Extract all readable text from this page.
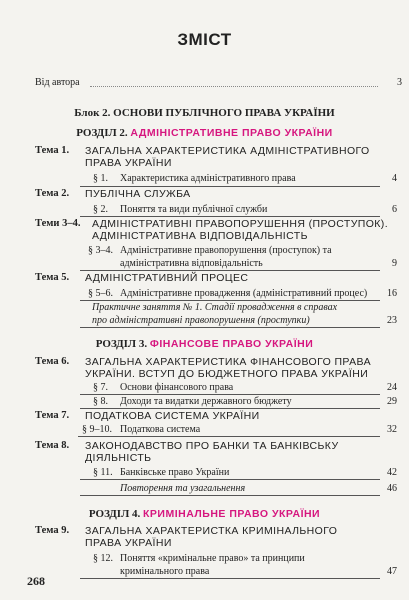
ЗМІСТ
Від автора	3
Блок 2. ОСНОВИ ПУБЛІЧНОГО ПРАВА УКРАЇНИ
РОЗДІЛ 2. АДМІНІСТРАТИВНЕ ПРАВО УКРАЇНИ
Тема 1. ЗАГАЛЬНА ХАРАКТЕРИСТИКА АДМІНІСТРАТИВНОГО
ПРАВА УКРАЇНИ
§ 1. Характеристика адміністративного права	4
Тема 2. ПУБЛІЧНА СЛУЖБА
§ 2. Поняття та види публічної служби	6
Теми 3–4. АДМІНІСТРАТИВНІ ПРАВОПОРУШЕННЯ (ПРОСТУПОК).
АДМІНІСТРАТИВНА ВІДПОВІДАЛЬНІСТЬ
§ 3–4. Адміністративне правопорушення (проступок) та
адміністративна відповідальність	9
Тема 5. АДМІНІСТРАТИВНИЙ ПРОЦЕС
§ 5–6. Адміністративне провадження (адміністративний процес)	16
Практичне заняття № 1. Стадії провадження в справах
про адміністративні правопорушення (проступки)	23
РОЗДІЛ 3. ФІНАНСОВЕ ПРАВО УКРАЇНИ
Тема 6. ЗАГАЛЬНА ХАРАКТЕРИСТИКА ФІНАНСОВОГО ПРАВА
УКРАЇНИ. ВСТУП ДО БЮДЖЕТНОГО ПРАВА УКРАЇНИ
§ 7. Основи фінансового права	24
§ 8. Доходи та видатки державного бюджету	29
Тема 7. ПОДАТКОВА СИСТЕМА УКРАЇНИ
§ 9–10. Податкова система	32
Тема 8. ЗАКОНОДАВСТВО ПРО БАНКИ ТА БАНКІВСЬКУ
ДІЯЛЬНІСТЬ
§ 11. Банківське право України	42
Повторення та узагальнення	46
РОЗДІЛ 4. КРИМІНАЛЬНЕ ПРАВО УКРАЇНИ
Тема 9. ЗАГАЛЬНА ХАРАКТЕРИСТКА КРИМІНАЛЬНОГО
ПРАВА УКРАЇНИ
§ 12. Поняття «кримінальне право» та принципи
кримінального права	47
268
